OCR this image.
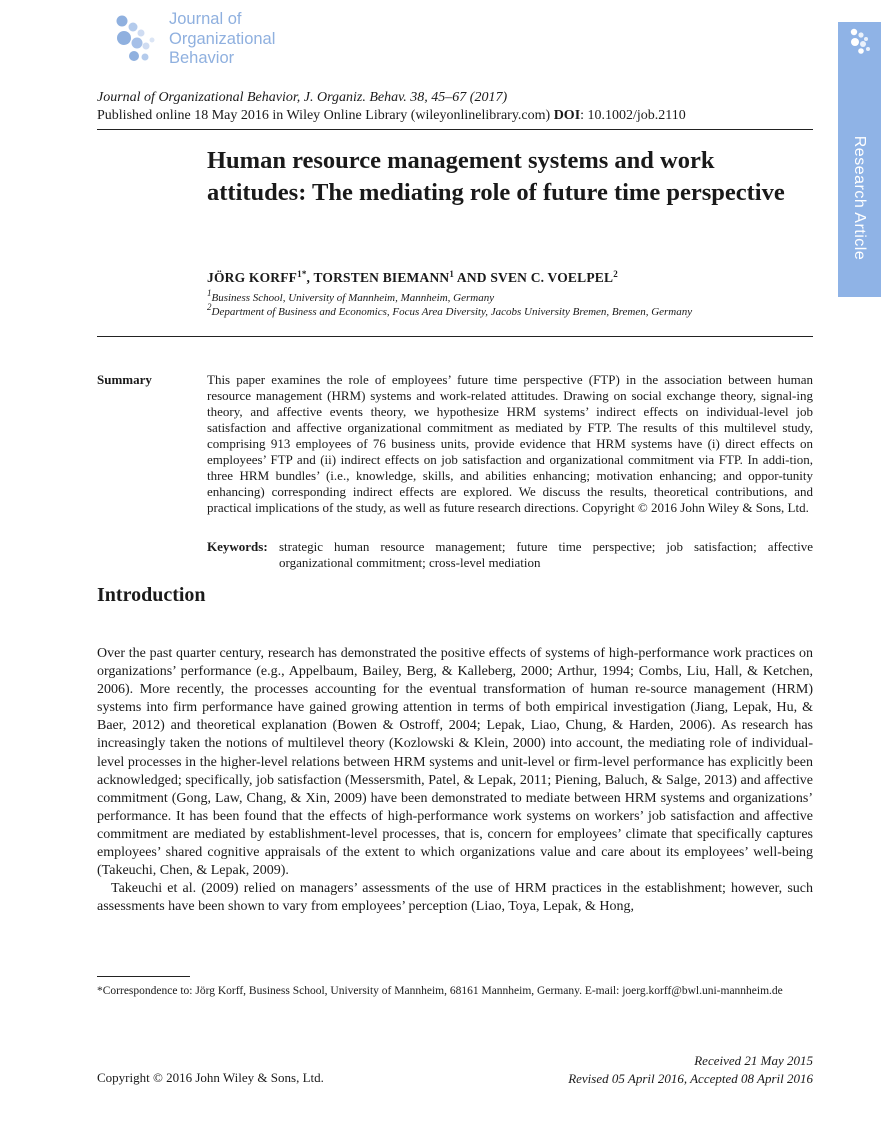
Journal of
Organizational
Behavior
Research Article
Journal of Organizational Behavior, J. Organiz. Behav. 38, 45–67 (2017)
Published online 18 May 2016 in Wiley Online Library (wileyonlinelibrary.com) DOI: 10.1002/job.2110
Human resource management systems and work attitudes: The mediating role of future time perspective
JÖRG $KORFF^{1*}$, TORSTEN BIEMANN$^1$ AND SVEN C. VOELPEL$^2$
$^1$Business School, University of Mannheim, Mannheim, Germany
$^2$Department of Business and Economics, Focus Area Diversity, Jacobs University Bremen, Bremen, Germany
Summary	This paper examines the role of employees’ future time perspective (FTP) in the association between human resource management (HRM) systems and work-related attitudes. Drawing on social exchange theory, signal-ing theory, and affective events theory, we hypothesize HRM systems’ indirect effects on individual-level job satisfaction and affective organizational commitment as mediated by FTP. The results of this multilevel study, comprising 913 employees of 76 business units, provide evidence that HRM systems have (i) direct effects on employees’ FTP and (ii) indirect effects on job satisfaction and organizational commitment via FTP. In addi-tion, three HRM bundles’ (i.e., knowledge, skills, and abilities enhancing; motivation enhancing; and oppor-tunity enhancing) corresponding indirect effects are explored. We discuss the results, theoretical contributions, and practical implications of the study, as well as future research directions. Copyright © 2016 John Wiley & Sons, Ltd.

Keywords: strategic human resource management; future time perspective; job satisfaction; affective organizational commitment; cross-level mediation

Introduction

Over the past quarter century, research has demonstrated the positive effects of systems of high-performance work practices on organizations’ performance (e.g., Appelbaum, Bailey, Berg, & Kalleberg, 2000; Arthur, 1994; Combs, Liu, Hall, & Ketchen, 2006). More recently, the processes accounting for the eventual transformation of human re-source management (HRM) systems into firm performance have gained growing attention in terms of both empirical investigation (Jiang, Lepak, Hu, & Baer, 2012) and theoretical explanation (Bowen & Ostroff, 2004; Lepak, Liao, Chung, & Harden, 2006). As research has increasingly taken the notions of multilevel theory (Kozlowski & Klein, 2000) into account, the mediating role of individual-level processes in the higher-level relations between HRM systems and unit-level or firm-level performance has explicitly been acknowledged; specifically, job satisfaction (Messersmith, Patel, & Lepak, 2011; Piening, Baluch, & Salge, 2013) and affective commitment (Gong, Law, Chang, & Xin, 2009) have been demonstrated to mediate between HRM systems and organizations’ performance. It has been found that the effects of high-performance work systems on workers’ job satisfaction and affective commitment are mediated by establishment-level processes, that is, concern for employees’ climate that specifically captures employees’ shared cognitive appraisals of the extent to which organizations value and care about its employees’ well-being (Takeuchi, Chen, & Lepak, 2009).

Takeuchi et al. (2009) relied on managers’ assessments of the use of HRM practices in the establishment; however, such assessments have been shown to vary from employees’ perception (Liao, Toya, Lepak, & Hong,

*Correspondence to: Jörg Korff, Business School, University of Mannheim, 68161 Mannheim, Germany. E-mail: joerg.korff@bwl.uni-mannheim.de
Copyright © 2016 John Wiley & Sons, Ltd.
Received 21 May 2015
Revised 05 April 2016, Accepted 08 April 2016
